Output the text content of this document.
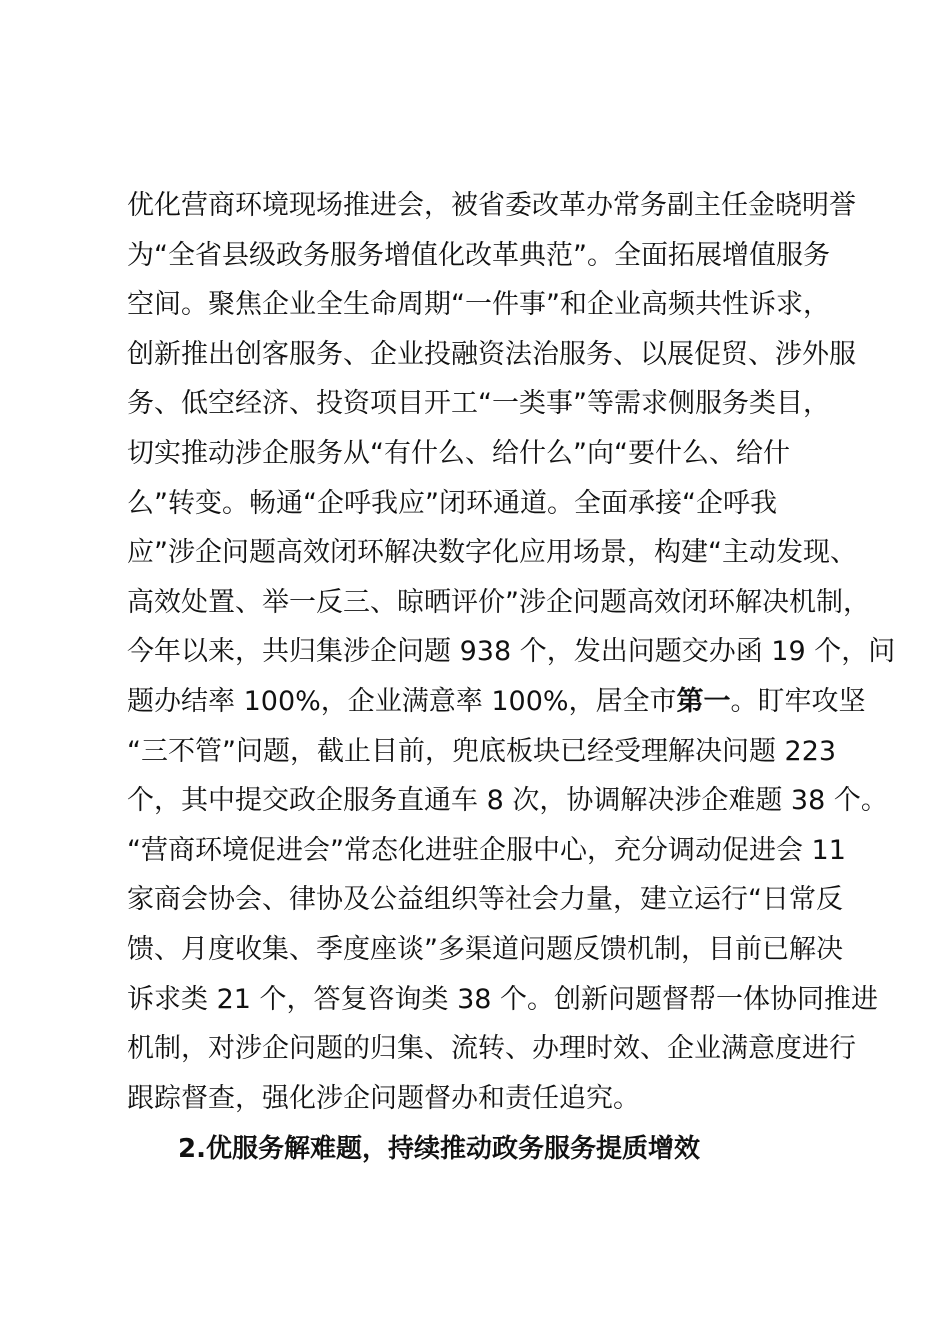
优化营商环境现场推进会，被省委改革办常务副主任金晓明誉
为“全省县级政务服务增值化改革典范”。全面拓展增值服务
空间。聚焦企业全生命周期“一件事”和企业高频共性诉求，
创新推出创客服务、企业投融资法治服务、以展促贸、涉外服
务、低空经济、投资项目开工“一类事”等需求侧服务类目，
切实推动涉企服务从“有什么、给什么”向“要什么、给什
么”转变。畅通“企呼我应”闭环通道。全面承接“企呼我
应”涉企问题高效闭环解决数字化应用场景，构建“主动发现、
高效处置、举一反三、晾晒评价”涉企问题高效闭环解决机制，
今年以来，共归集涉企问题 938 个，发出问题交办函 19 个，问
题办结率 100%，企业满意率 100%，居全市第一。盯牢攻坚
“三不管”问题，截止目前，兜底板块已经受理解决问题 223
个，其中提交政企服务直通车 8 次，协调解决涉企难题 38 个。
“营商环境促进会”常态化进驻企服中心，充分调动促进会 11
家商会协会、律协及公益组织等社会力量，建立运行“日常反
馈、月度收集、季度座谈”多渠道问题反馈机制，目前已解决
诉求类 21 个，答复咨询类 38 个。创新问题督帮一体协同推进
机制，对涉企问题的归集、流转、办理时效、企业满意度进行
跟踪督查，强化涉企问题督办和责任追究。
2.优服务解难题，持续推动政务服务提质增效
